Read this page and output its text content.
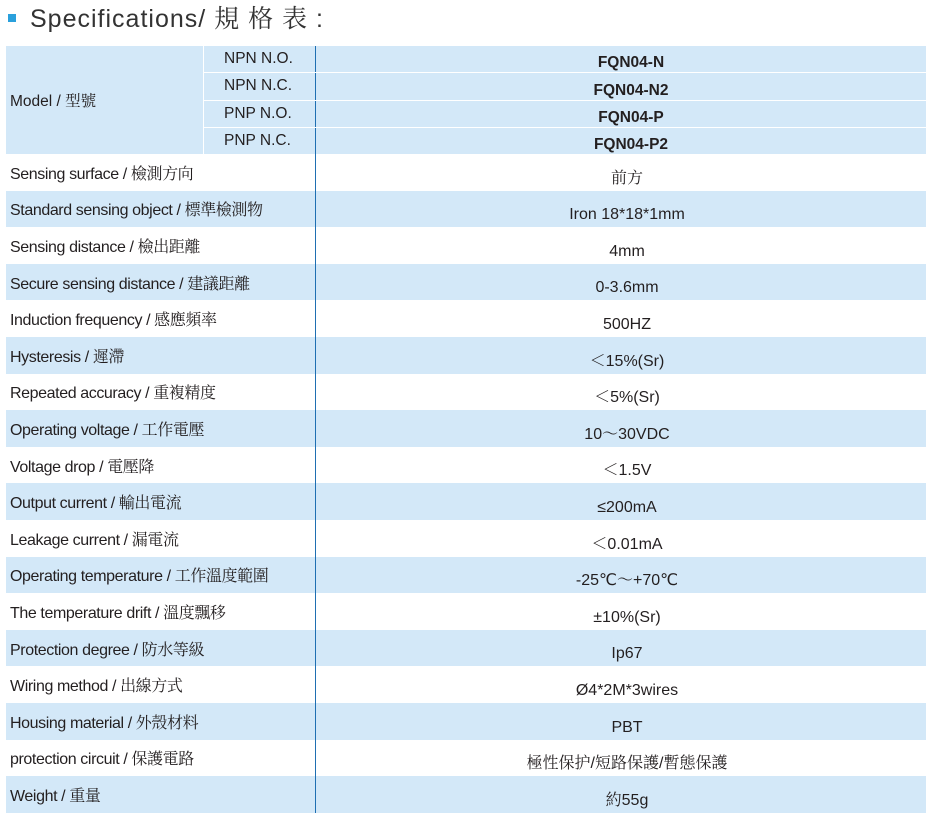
Specifications/ 規 格 表 :
Model / 型號
NPN N.O.	FQN04-N
NPN N.C.	FQN04-N2
PNP N.O.	FQN04-P
PNP N.C.	FQN04-P2
Sensing surface / 檢測方向	前方
Standard sensing object / 標準檢測物	Iron 18*18*1mm
Sensing distance / 檢出距離	4mm
Secure sensing distance / 建議距離	0-3.6mm
Induction frequency / 感應頻率	500HZ
Hysteresis / 遲滯	＜15%(Sr)
Repeated accuracy / 重複精度	＜5%(Sr)
Operating voltage / 工作電壓	10～30VDC
Voltage drop / 電壓降	＜1.5V
Output current / 輸出電流	≤200mA
Leakage current / 漏電流	＜0.01mA
Operating temperature / 工作溫度範圍	-25℃～+70℃
The temperature drift / 溫度飄移	±10%(Sr)
Protection degree / 防水等級	Ip67
Wiring method / 出線方式	Ø4*2M*3wires
Housing material / 外殼材料	PBT
protection circuit / 保護電路	極性保护/短路保護/暫態保護
Weight / 重量	約55g
